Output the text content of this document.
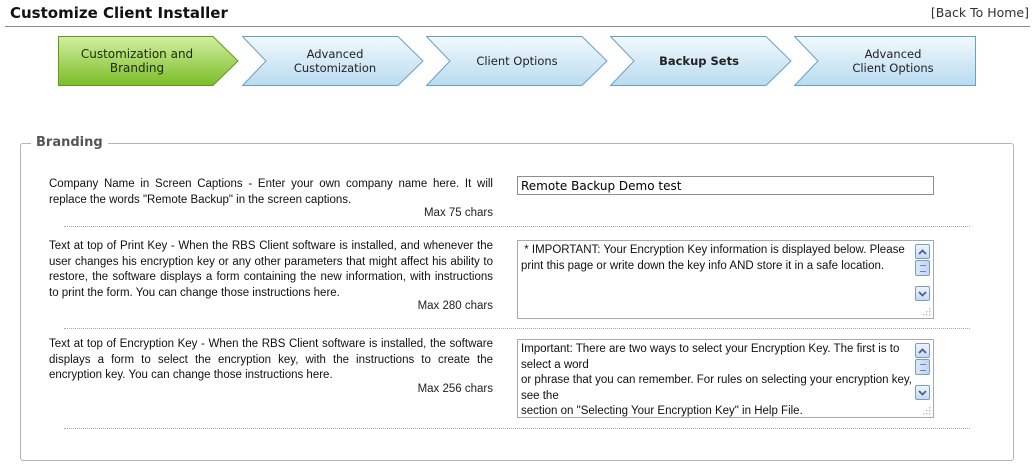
Customize Client Installer	[Back To Home]
Customization and
Branding
Advanced Customization	Client Options	Backup Sets	Advanced
Client Options
Branding
Company Name in Screen Captions - Enter your own company name here. It will replace the words "Remote Backup" in the screen captions.
Max 75 chars
Remote Backup Demo test
Text at top of Print Key - When the RBS Client software is installed, and whenever the user changes his encryption key or any other parameters that might affect his ability to restore, the software displays a form containing the new information, with instructions to print the form. You can change those instructions here.
Max 280 chars
* IMPORTANT: Your Encryption Key information is displayed below. Please print this page or write down the key info AND store it in a safe location.
Text at top of Encryption Key - When the RBS Client software is installed, the software displays a form to select the encryption key, with the instructions to create the encryption key. You can change those instructions here.
Max 256 chars
Important: There are two ways to select your Encryption Key. The first is to select a word
or phrase that you can remember. For rules on selecting your encryption key, see the
section on "Selecting Your Encryption Key" in Help File.
